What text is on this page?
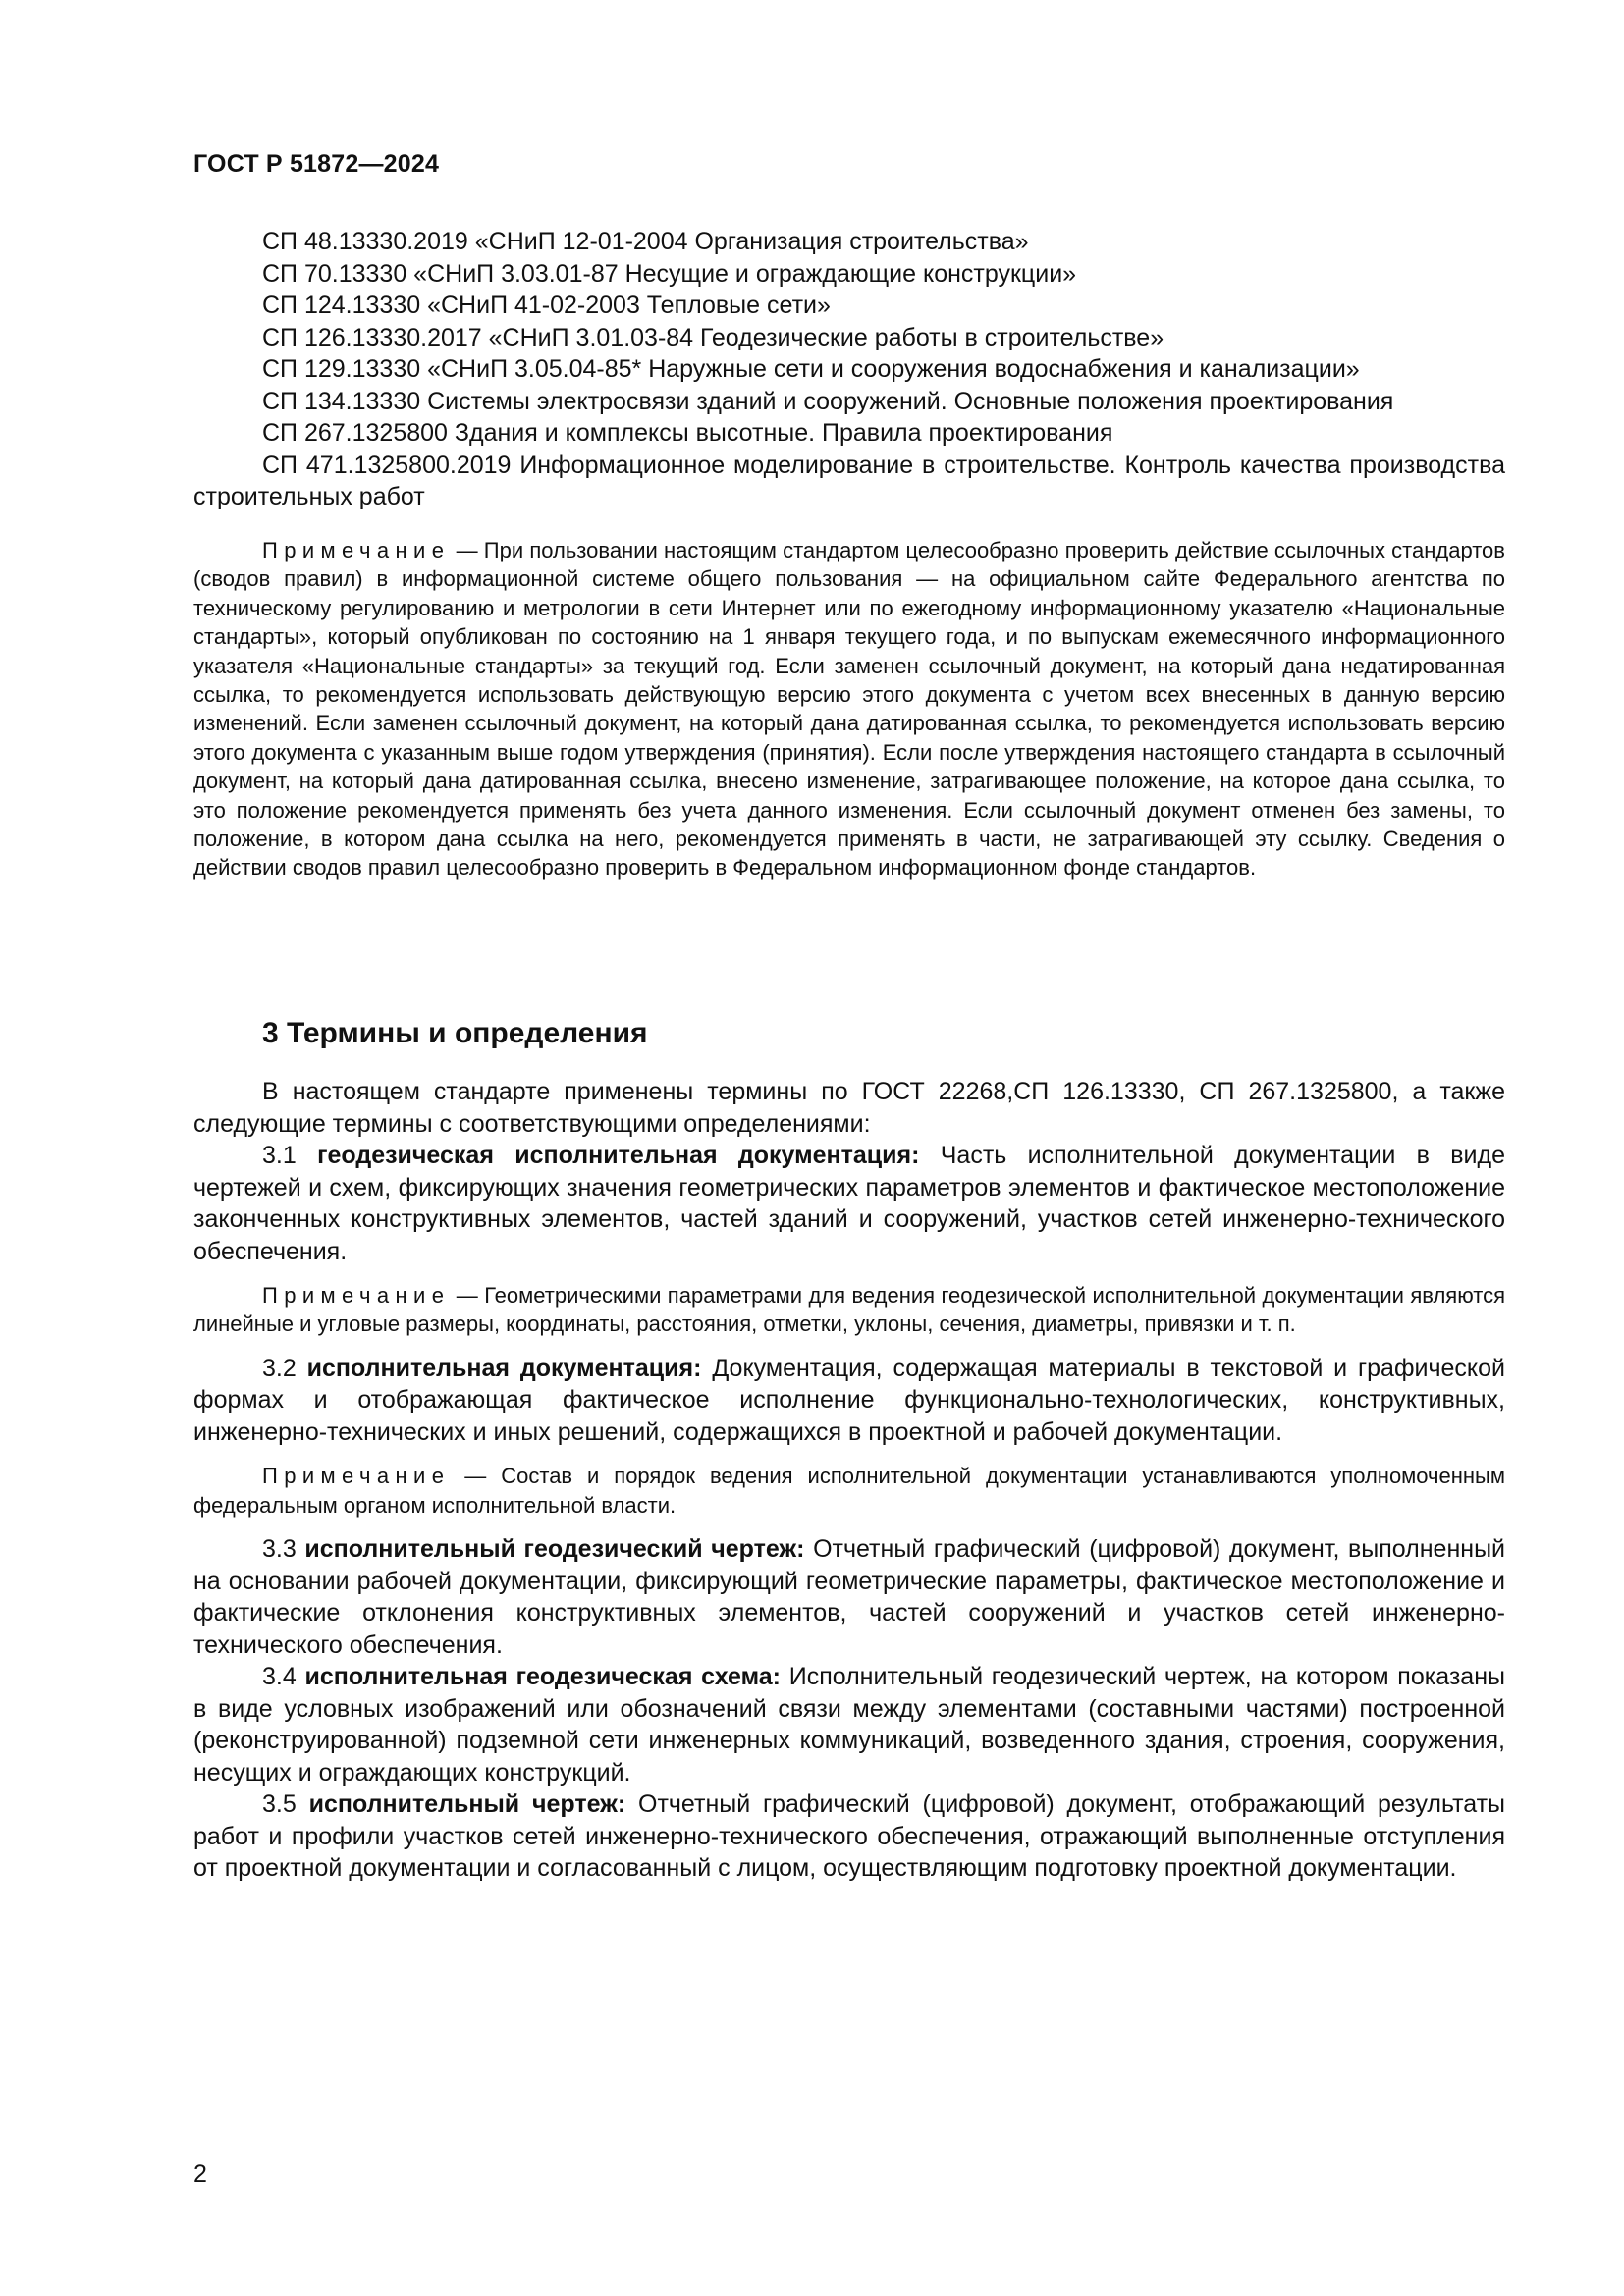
ГОСТ Р 51872—2024
СП 48.13330.2019 «СНиП 12-01-2004 Организация строительства»
СП 70.13330 «СНиП 3.03.01-87 Несущие и ограждающие конструкции»
СП 124.13330 «СНиП 41-02-2003 Тепловые сети»
СП 126.13330.2017 «СНиП 3.01.03-84 Геодезические работы в строительстве»
СП 129.13330 «СНиП 3.05.04-85* Наружные сети и сооружения водоснабжения и канализации»
СП 134.13330 Системы электросвязи зданий и сооружений. Основные положения проектирования
СП 267.1325800 Здания и комплексы высотные. Правила проектирования
СП 471.1325800.2019 Информационное моделирование в строительстве. Контроль качества производства строительных работ
Примечание — При пользовании настоящим стандартом целесообразно проверить действие ссылочных стандартов (сводов правил) в информационной системе общего пользования — на официальном сайте Федерального агентства по техническому регулированию и метрологии в сети Интернет или по ежегодному информационному указателю «Национальные стандарты», который опубликован по состоянию на 1 января текущего года, и по выпускам ежемесячного информационного указателя «Национальные стандарты» за текущий год. Если заменен ссылочный документ, на который дана недатированная ссылка, то рекомендуется использовать действующую версию этого документа с учетом всех внесенных в данную версию изменений. Если заменен ссылочный документ, на который дана датированная ссылка, то рекомендуется использовать версию этого документа с указанным выше годом утверждения (принятия). Если после утверждения настоящего стандарта в ссылочный документ, на который дана датированная ссылка, внесено изменение, затрагивающее положение, на которое дана ссылка, то это положение рекомендуется применять без учета данного изменения. Если ссылочный документ отменен без замены, то положение, в котором дана ссылка на него, рекомендуется применять в части, не затрагивающей эту ссылку. Сведения о действии сводов правил целесообразно проверить в Федеральном информационном фонде стандартов.
3 Термины и определения

В настоящем стандарте применены термины по ГОСТ 22268,СП 126.13330, СП 267.1325800, а также следующие термины с соответствующими определениями:

3.1 геодезическая исполнительная документация: Часть исполнительной документации в виде чертежей и схем, фиксирующих значения геометрических параметров элементов и фактическое местоположение законченных конструктивных элементов, частей зданий и сооружений, участков сетей инженерно-технического обеспечения.

Примечание — Геометрическими параметрами для ведения геодезической исполнительной документации являются линейные и угловые размеры, координаты, расстояния, отметки, уклоны, сечения, диаметры, привязки и т. п.

3.2 исполнительная документация: Документация, содержащая материалы в текстовой и графической формах и отображающая фактическое исполнение функционально-технологических, конструктивных, инженерно-технических и иных решений, содержащихся в проектной и рабочей документации.

Примечание — Состав и порядок ведения исполнительной документации устанавливаются уполномоченным федеральным органом исполнительной власти.

3.3 исполнительный геодезический чертеж: Отчетный графический (цифровой) документ, выполненный на основании рабочей документации, фиксирующий геометрические параметры, фактическое местоположение и фактические отклонения конструктивных элементов, частей сооружений и участков сетей инженерно-технического обеспечения.

3.4 исполнительная геодезическая схема: Исполнительный геодезический чертеж, на котором показаны в виде условных изображений или обозначений связи между элементами (составными частями) построенной (реконструированной) подземной сети инженерных коммуникаций, возведенного здания, строения, сооружения, несущих и ограждающих конструкций.

3.5 исполнительный чертеж: Отчетный графический (цифровой) документ, отображающий результаты работ и профили участков сетей инженерно-технического обеспечения, отражающий выполненные отступления от проектной документации и согласованный с лицом, осуществляющим подготовку проектной документации.

2
